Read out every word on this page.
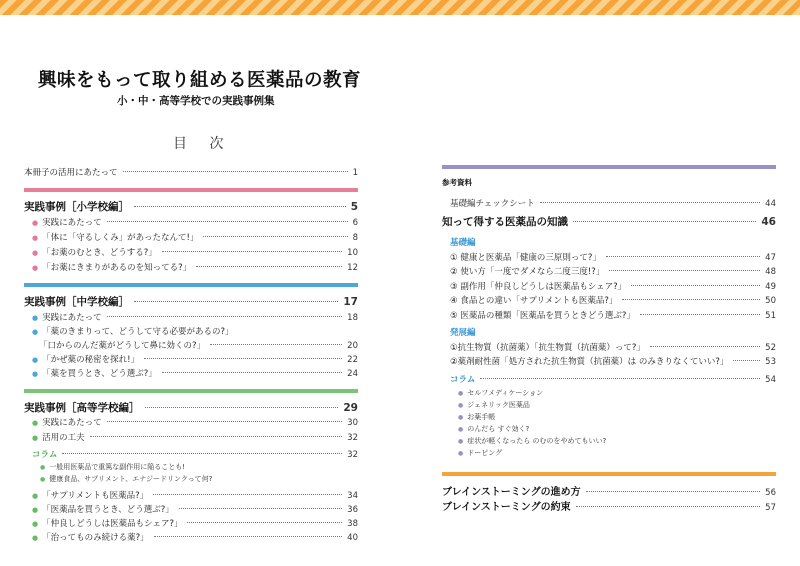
興味をもって取り組める医薬品の教育
小・中・高等学校での実践事例集
目 次
本冊子の活用にあたって	1
実践事例［小学校編］	5
● 実践にあたって	6
● 「体に「守るしくみ」があったなんて!」	8
● 「お薬のむとき、どうする?」	10
● 「お薬にきまりがあるのを知ってる?」	12
実践事例［中学校編］	17
● 実践にあたって	18
● 「薬のきまりって、どうして守る必要があるの?」
「口からのんだ薬がどうして鼻に効くの?」	20
● 「かぜ薬の秘密を探れ!」	22
● 「薬を買うとき、どう選ぶ?」	24
実践事例［高等学校編］	29
● 実践にあたって	30
● 活用の工夫	32
コラム	32
● 一般用医薬品で重篤な副作用に陥ることも!
● 健康食品、サプリメント、エナジードリンクって何?
● 「サプリメントも医薬品?」	34
● 「医薬品を買うとき、どう選ぶ?」	36
● 「仲良しどうしは医薬品もシェア?」	38
● 「治ってものみ続ける薬?」	40
参考資料
基礎編チェックシート	44
知って得する医薬品の知識	46
基礎編
① 健康と医薬品「健康の三原則って?」	47
② 使い方「一度でダメなら二度三度!?」	48
③ 副作用「仲良しどうしは医薬品もシェア?」	49
④ 食品との違い「サプリメントも医薬品?」	50
⑤ 医薬品の種類「医薬品を買うときどう選ぶ?」	51
発展編
①抗生物質（抗菌薬）「抗生物質（抗菌薬）って?」	52
②薬剤耐性菌「処方された抗生物質（抗菌薬）は のみきりなくていい?」	53
コラム	54
● セルフメディケーション
● ジェネリック医薬品
● お薬手帳
● のんだら すぐ効く?
● 症状が軽くなったら のむのをやめてもいい?
● ドーピング
ブレインストーミングの進め方	56
ブレインストーミングの約束	57
